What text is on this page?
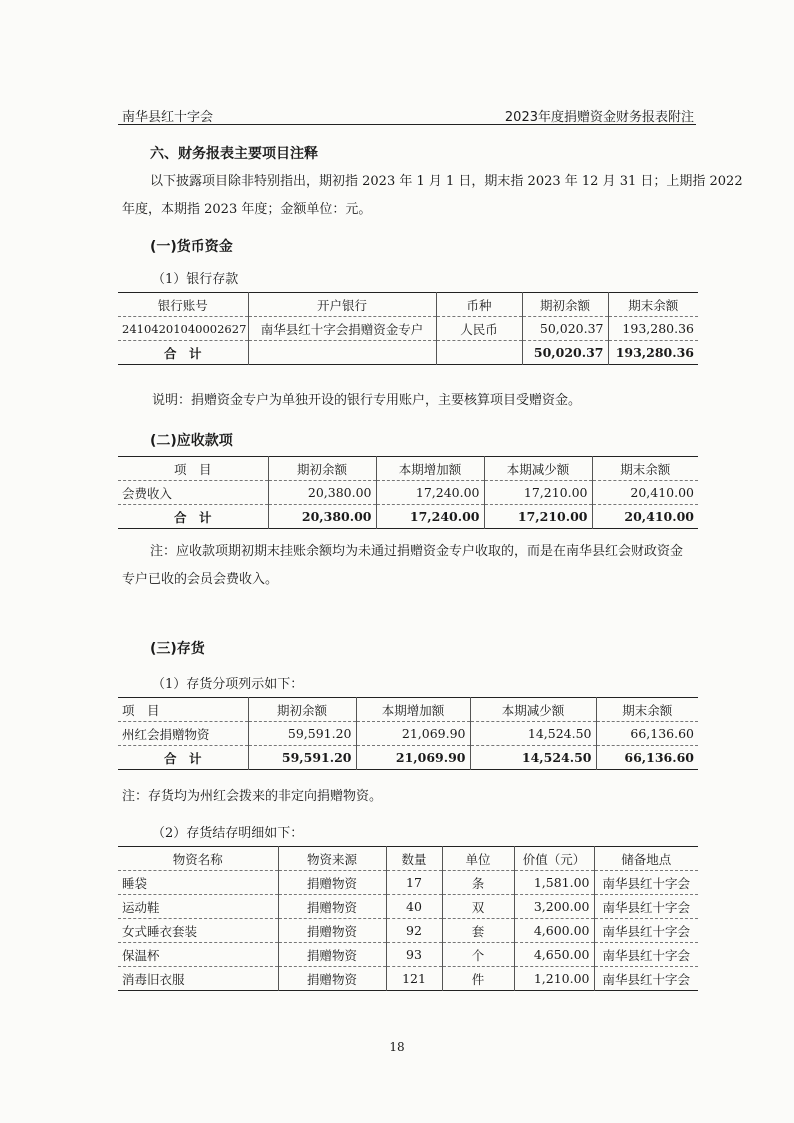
南华县红十字会	2023年度捐赠资金财务报表附注
六、财务报表主要项目注释
以下披露项目除非特别指出，期初指 2023 年 1 月 1 日，期末指 2023 年 12 月 31 日；上期指 2022
年度，本期指 2023 年度；金额单位：元。
(一)货币资金
（1）银行存款
银行账号	开户银行	币种	期初余额	期末余额
2410420104000​2627	南华县红十字会捐赠资金专户	人民币	50,020.37	193,280.36
合　计			50,020.37	193,280.36
说明：捐赠资金专户为单独开设的银行专用账户，主要核算项目受赠资金。
(二)应收款项
项　目	期初余额	本期增加额	本期减少额	期末余额
会费收入	20,380.00	17,240.00	17,210.00	20,410.00
合　计	20,380.00	17,240.00	17,210.00	20,410.00
注：应收款项期初期末挂账余额均为未通过捐赠资金专户收取的，而是在南华县红会财政资金
专户已收的会员会费收入。
(三)存货
（1）存货分项列示如下：
项　目	期初余额	本期增加额	本期减少额	期末余额
州红会捐赠物资	59,591.20	21,069.90	14,524.50	66,136.60
合　计	59,591.20	21,069.90	14,524.50	66,136.60
注：存货均为州红会拨来的非定向捐赠物资。
（2）存货结存明细如下：
物资名称	物资来源	数量	单位	价值（元）	储备地点
睡袋	捐赠物资	17	条	1,581.00	南华县红十字会
运动鞋	捐赠物资	40	双	3,200.00	南华县红十字会
女式睡衣套装	捐赠物资	92	套	4,600.00	南华县红十字会
保温杯	捐赠物资	93	个	4,650.00	南华县红十字会
消毒旧衣服	捐赠物资	121	件	1,210.00	南华县红十字会
18
